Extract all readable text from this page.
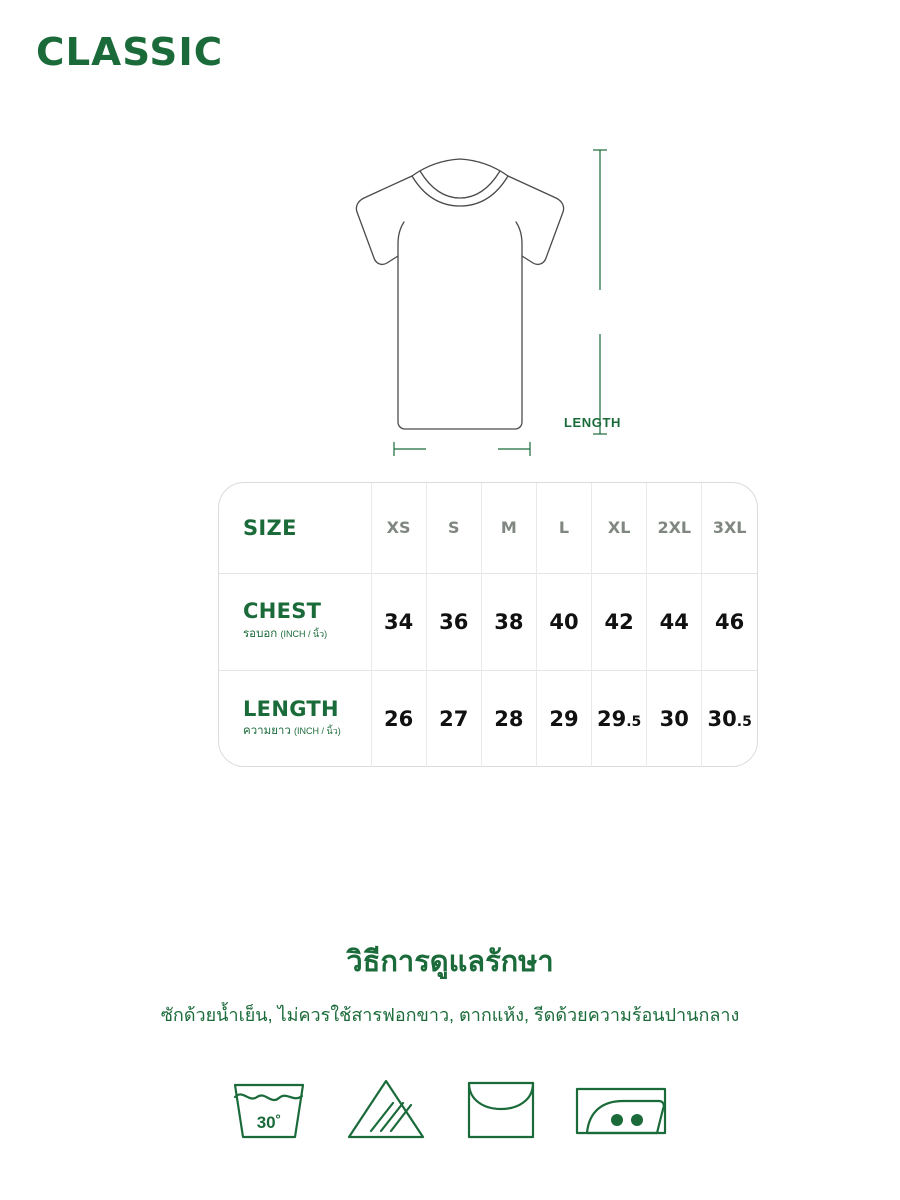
CLASSIC
LENGTH
SIZE	XS	S	M	L	XL	2XL	3XL

CHEST
รอบอก (INCH / นิ้ว)	34	36	38	40	42	44	46

LENGTH
ความยาว (INCH / นิ้ว)	26	27	28	29	29.5	30	30.5
วิธีการดูแลรักษา
ซักด้วยน้ำเย็น, ไม่ควรใช้สารฟอกขาว, ตากแห้ง, รีดด้วยความร้อนปานกลาง
30˚
